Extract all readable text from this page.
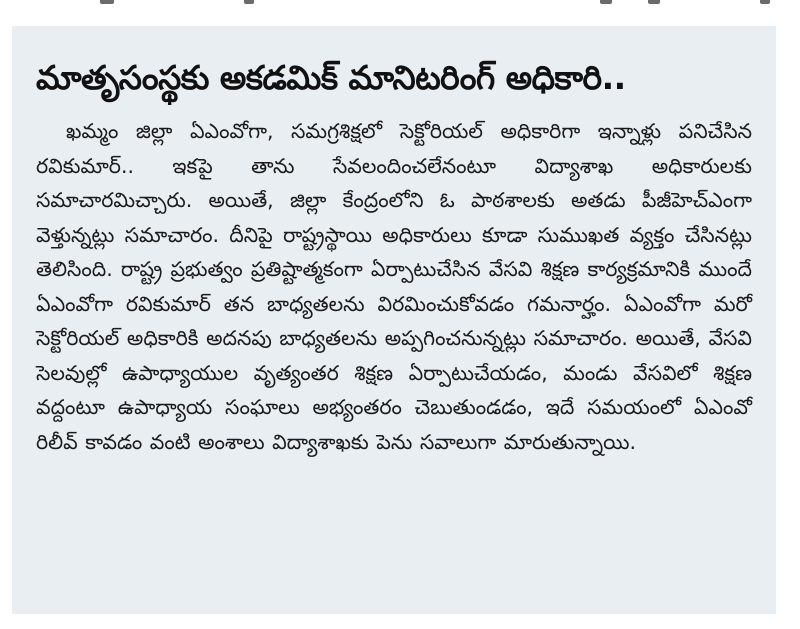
మాతృసంస్థకు అకడమిక్ మానిటరింగ్ అధికారి..

ఖమ్మం జిల్లా ఏఎంవోగా, సమగ్రశిక్షలో సెక్టోరియల్ అధికారిగా ఇన్నాళ్లు పనిచేసిన రవికుమార్.. ఇకపై తాను సేవలందించలేనంటూ విద్యాశాఖ అధికారులకు సమాచారమిచ్చారు. అయితే, జిల్లా కేంద్రంలోని ఓ పాఠశాలకు అతడు పీజీహెచ్ఎంగా వెళ్తున్నట్లు సమాచారం. దీనిపై రాష్ట్రస్థాయి అధికారులు కూడా సుముఖత వ్యక్తం చేసినట్లు తెలిసింది. రాష్ట్ర ప్రభుత్వం ప్రతిష్టాత్మకంగా ఏర్పాటుచేసిన వేసవి శిక్షణ కార్యక్రమానికి ముందే ఏఎంవోగా రవికుమార్ తన బాధ్యతలను విరమించుకోవడం గమనార్హం. ఏఎంవోగా మరో సెక్టోరియల్ అధికారికి అదనపు బాధ్యతలను అప్పగించనున్నట్లు సమాచారం. అయితే, వేసవి సెలవుల్లో ఉపాధ్యాయుల వృత్యంతర శిక్షణ ఏర్పాటుచేయడం, మండు వేసవిలో శిక్షణ వద్దంటూ ఉపాధ్యాయ సంఘాలు అభ్యంతరం చెబుతుండడం, ఇదే సమయంలో ఏఎంవో రిలీవ్ కావడం వంటి అంశాలు విద్యాశాఖకు పెను సవాలుగా మారుతున్నాయి.
